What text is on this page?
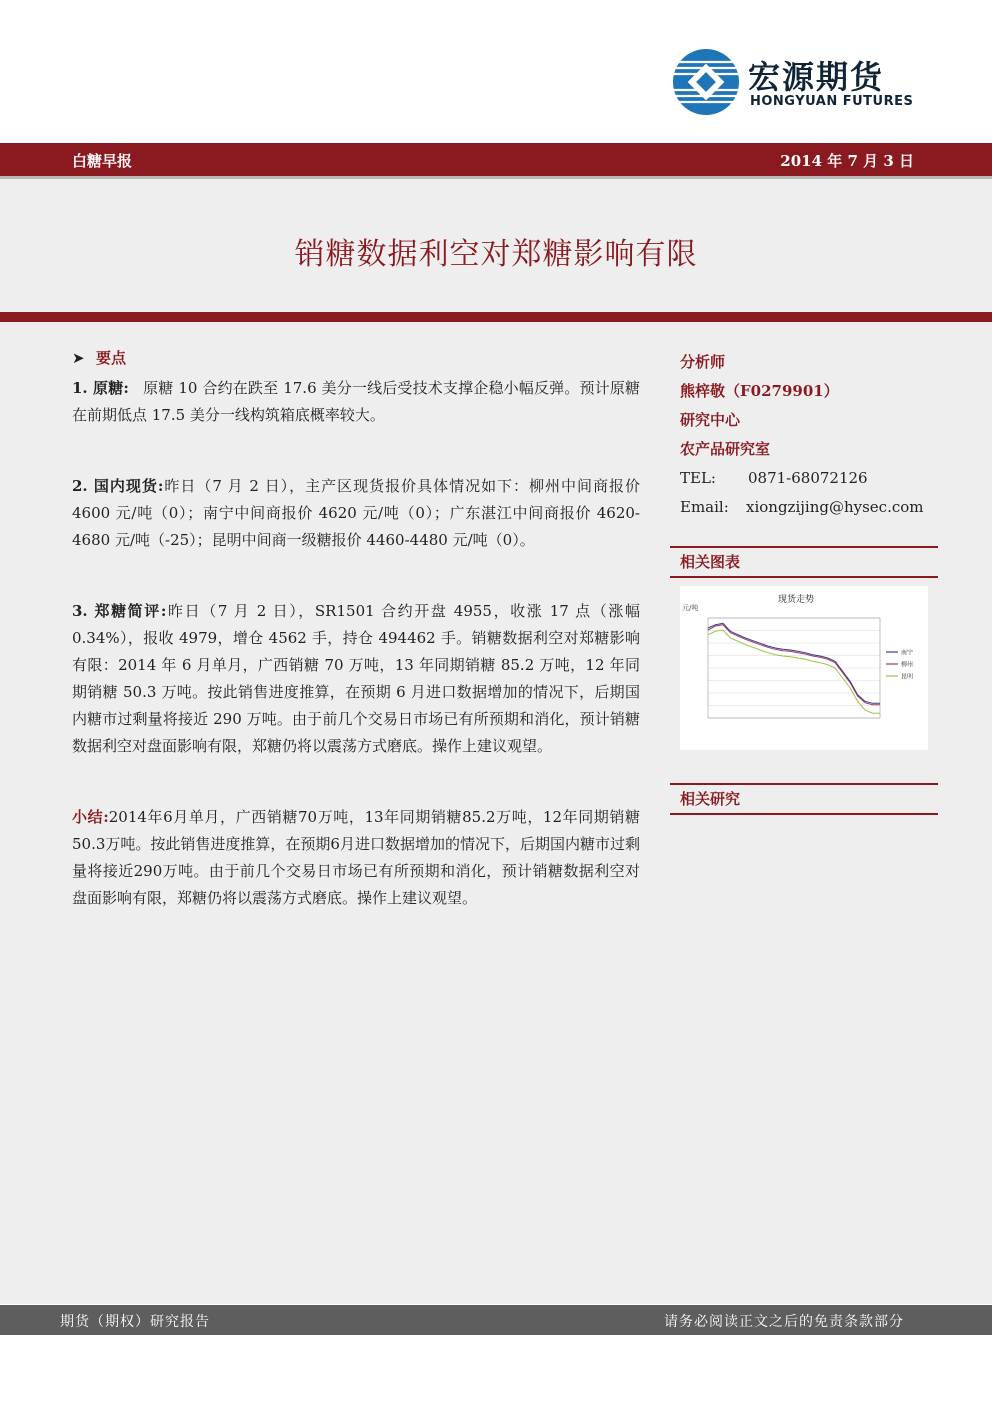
宏源期货
HONGYUAN FUTURES
白糖早报	2014 年 7 月 3 日
销糖数据利空对郑糖影响有限
➤ 要点

1. 原糖: 原糖 10 合约在跌至 17.6 美分一线后受技术支撑企稳小幅反弹。预计原糖在前期低点 17.5 美分一线构筑箱底概率较大。

2. 国内现货:昨日（7 月 2 日），主产区现货报价具体情况如下：柳州中间商报价 4600 元/吨（0）；南宁中间商报价 4620 元/吨（0）；广东湛江中间商报价 4620-4680 元/吨（-25）；昆明中间商一级糖报价 4460-4480 元/吨（0）。

3. 郑糖简评:昨日（7 月 2 日），SR1501 合约开盘 4955，收涨 17 点（涨幅 0.34%），报收 4979，增仓 4562 手，持仓 494462 手。销糖数据利空对郑糖影响有限：2014 年 6 月单月，广西销糖 70 万吨，13 年同期销糖 85.2 万吨，12 年同期销糖 50.3 万吨。按此销售进度推算，在预期 6 月进口数据增加的情况下，后期国内糖市过剩量将接近 290 万吨。由于前几个交易日市场已有所预期和消化，预计销糖数据利空对盘面影响有限，郑糖仍将以震荡方式磨底。操作上建议观望。

小结:2014年6月单月，广西销糖70万吨，13年同期销糖85.2万吨，12年同期销糖50.3万吨。按此销售进度推算，在预期6月进口数据增加的情况下，后期国内糖市过剩量将接近290万吨。由于前几个交易日市场已有所预期和消化，预计销糖数据利空对盘面影响有限，郑糖仍将以震荡方式磨底。操作上建议观望。

分析师
熊梓敬（F0279901）
研究中心
农产品研究室
TEL: 0871-68072126
Email: xiongzijing@hysec.com
相关图表
现货走势
元/吨
南宁
柳州
昆明
相关研究
期货（期权）研究报告	请务必阅读正文之后的免责条款部分
